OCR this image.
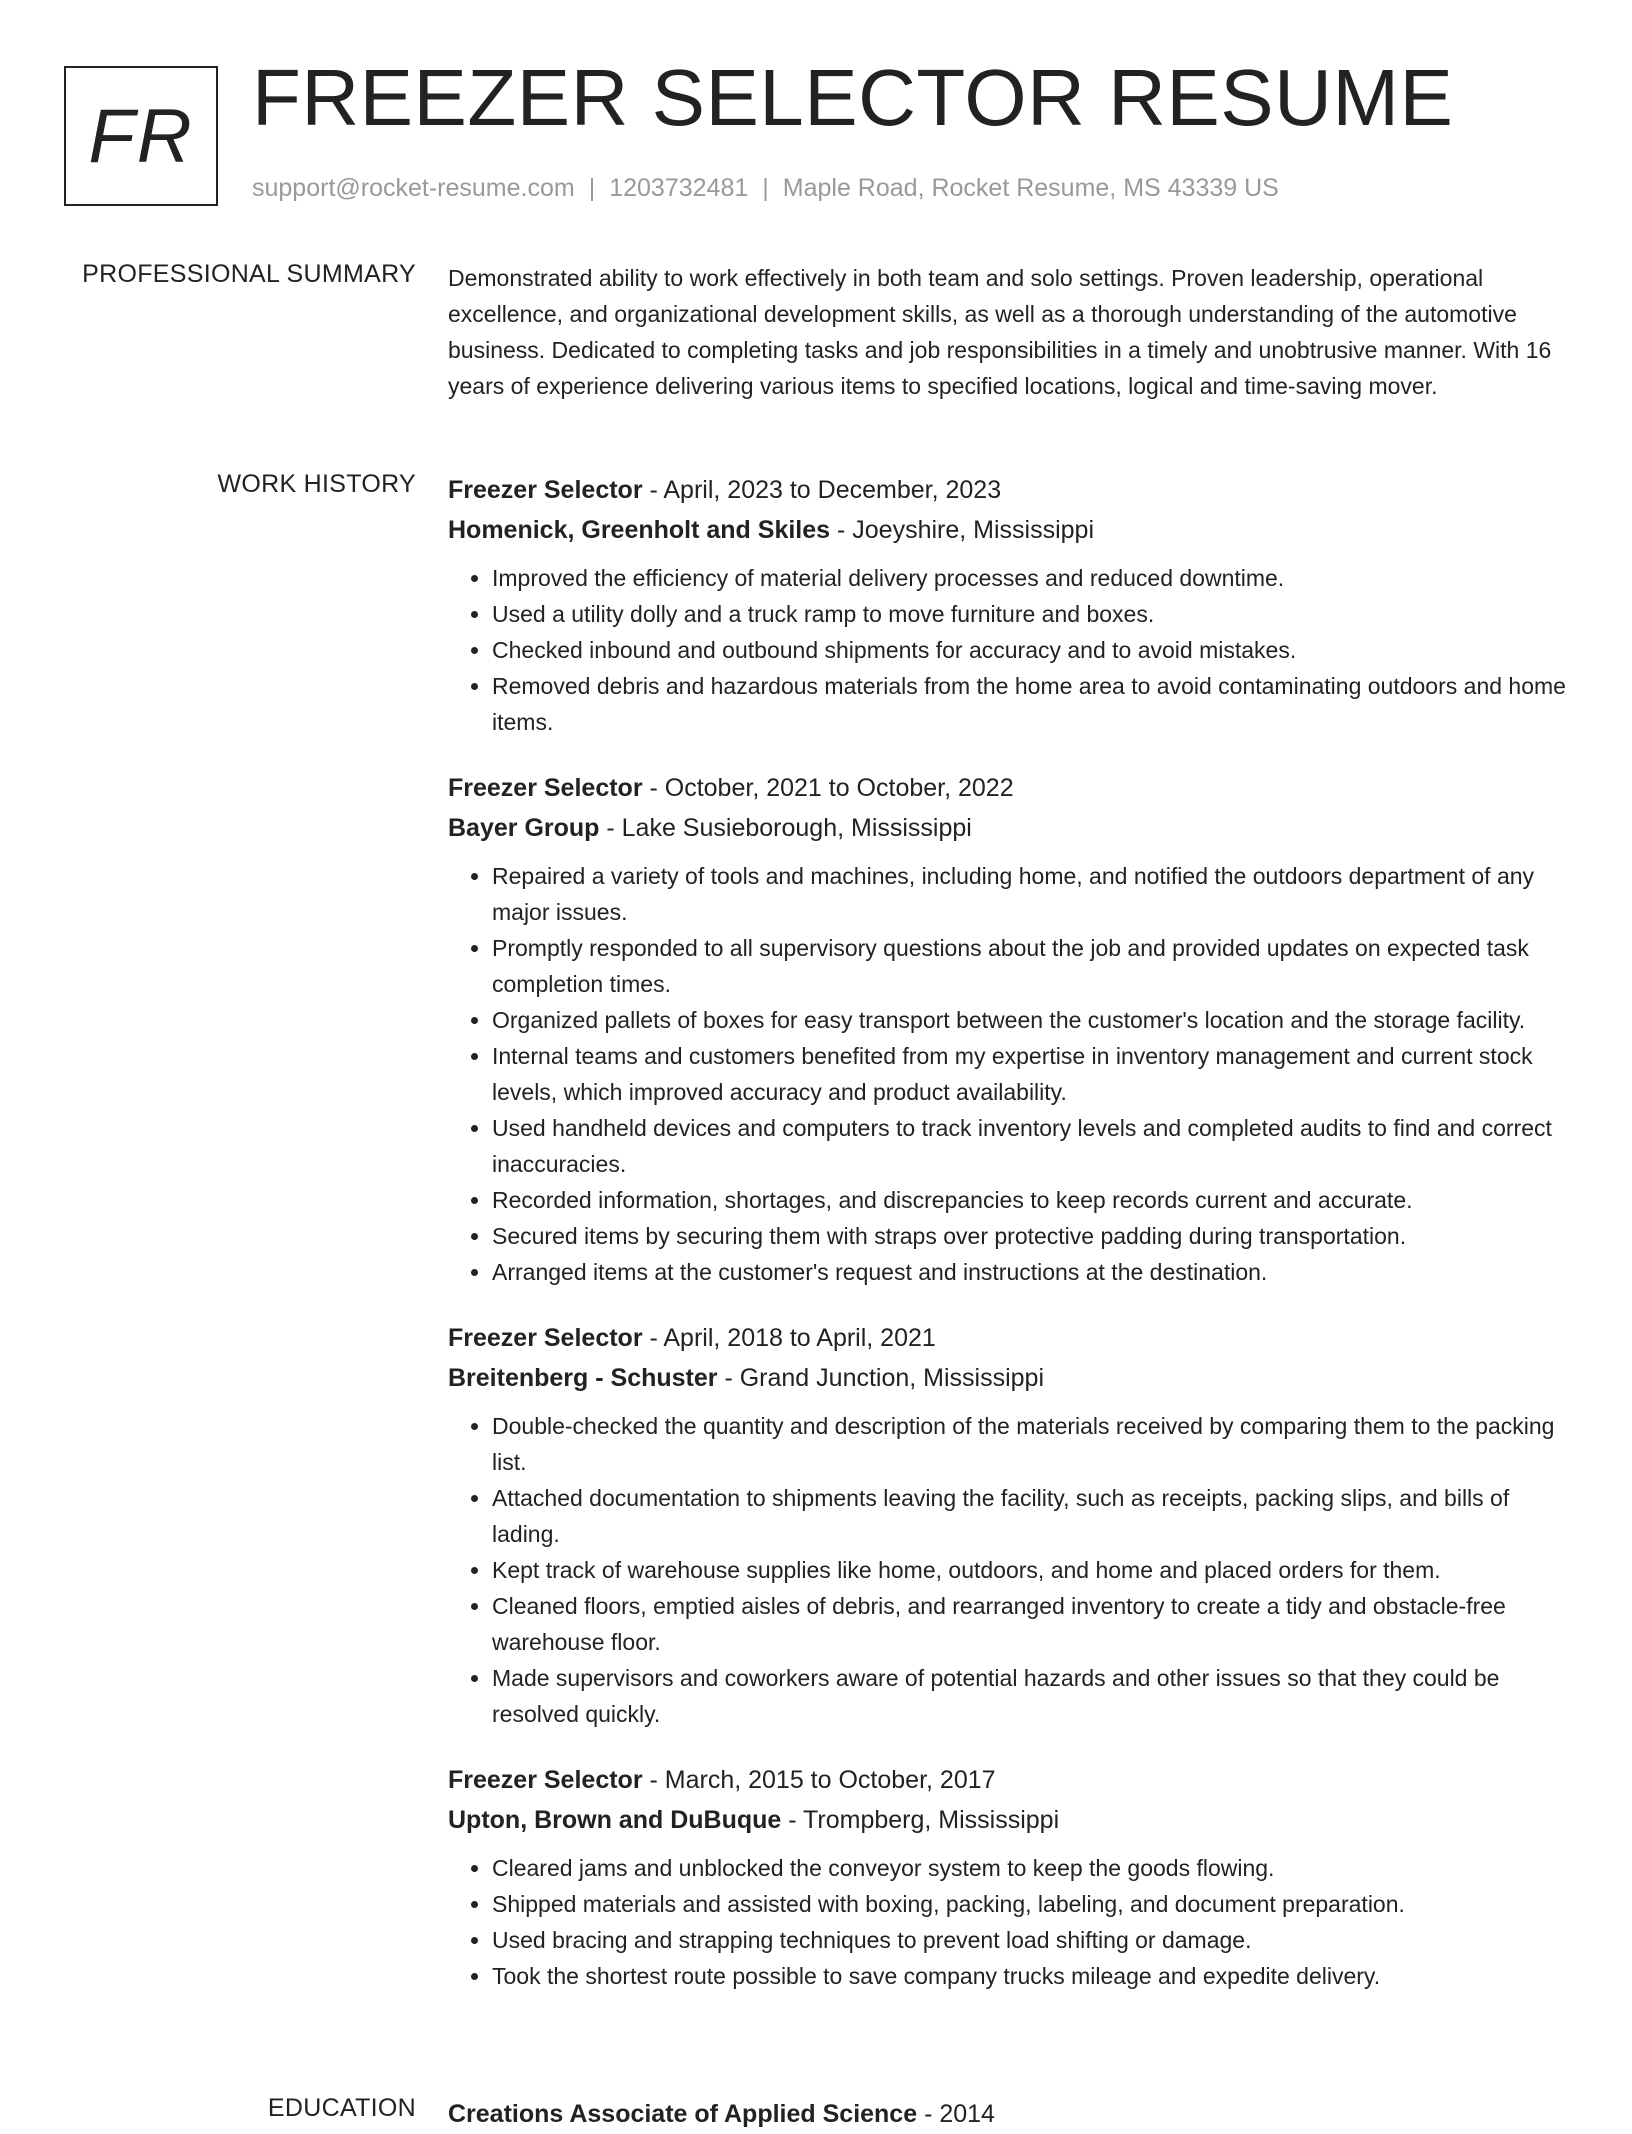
FR FREEZER SELECTOR RESUME
support@rocket-resume.com | 1203732481 | Maple Road, Rocket Resume, MS 43339 US
PROFESSIONAL SUMMARY Demonstrated ability to work effectively in both team and solo settings. Proven leadership, operational excellence, and organizational development skills, as well as a thorough understanding of the automotive business. Dedicated to completing tasks and job responsibilities in a timely and unobtrusive manner. With 16 years of experience delivering various items to specified locations, logical and time-saving mover.

WORK HISTORY Freezer Selector - April, 2023 to December, 2023
Homenick, Greenholt and Skiles - Joeyshire, Mississippi
• Improved the efficiency of material delivery processes and reduced downtime.
• Used a utility dolly and a truck ramp to move furniture and boxes.
• Checked inbound and outbound shipments for accuracy and to avoid mistakes.
• Removed debris and hazardous materials from the home area to avoid contaminating outdoors and home items.
Freezer Selector - October, 2021 to October, 2022
Bayer Group - Lake Susieborough, Mississippi
• Repaired a variety of tools and machines, including home, and notified the outdoors department of any major issues.
• Promptly responded to all supervisory questions about the job and provided updates on expected task completion times.
• Organized pallets of boxes for easy transport between the customer's location and the storage facility.
• Internal teams and customers benefited from my expertise in inventory management and current stock levels, which improved accuracy and product availability.
• Used handheld devices and computers to track inventory levels and completed audits to find and correct inaccuracies.
• Recorded information, shortages, and discrepancies to keep records current and accurate.
• Secured items by securing them with straps over protective padding during transportation.
• Arranged items at the customer's request and instructions at the destination.
Freezer Selector - April, 2018 to April, 2021
Breitenberg - Schuster - Grand Junction, Mississippi
• Double-checked the quantity and description of the materials received by comparing them to the packing list.
• Attached documentation to shipments leaving the facility, such as receipts, packing slips, and bills of lading.
• Kept track of warehouse supplies like home, outdoors, and home and placed orders for them.
• Cleaned floors, emptied aisles of debris, and rearranged inventory to create a tidy and obstacle-free warehouse floor.
• Made supervisors and coworkers aware of potential hazards and other issues so that they could be resolved quickly.
Freezer Selector - March, 2015 to October, 2017
Upton, Brown and DuBuque - Trompberg, Mississippi
• Cleared jams and unblocked the conveyor system to keep the goods flowing.
• Shipped materials and assisted with boxing, packing, labeling, and document preparation.
• Used bracing and strapping techniques to prevent load shifting or damage.
• Took the shortest route possible to save company trucks mileage and expedite delivery.
EDUCATION Creations Associate of Applied Science - 2014
